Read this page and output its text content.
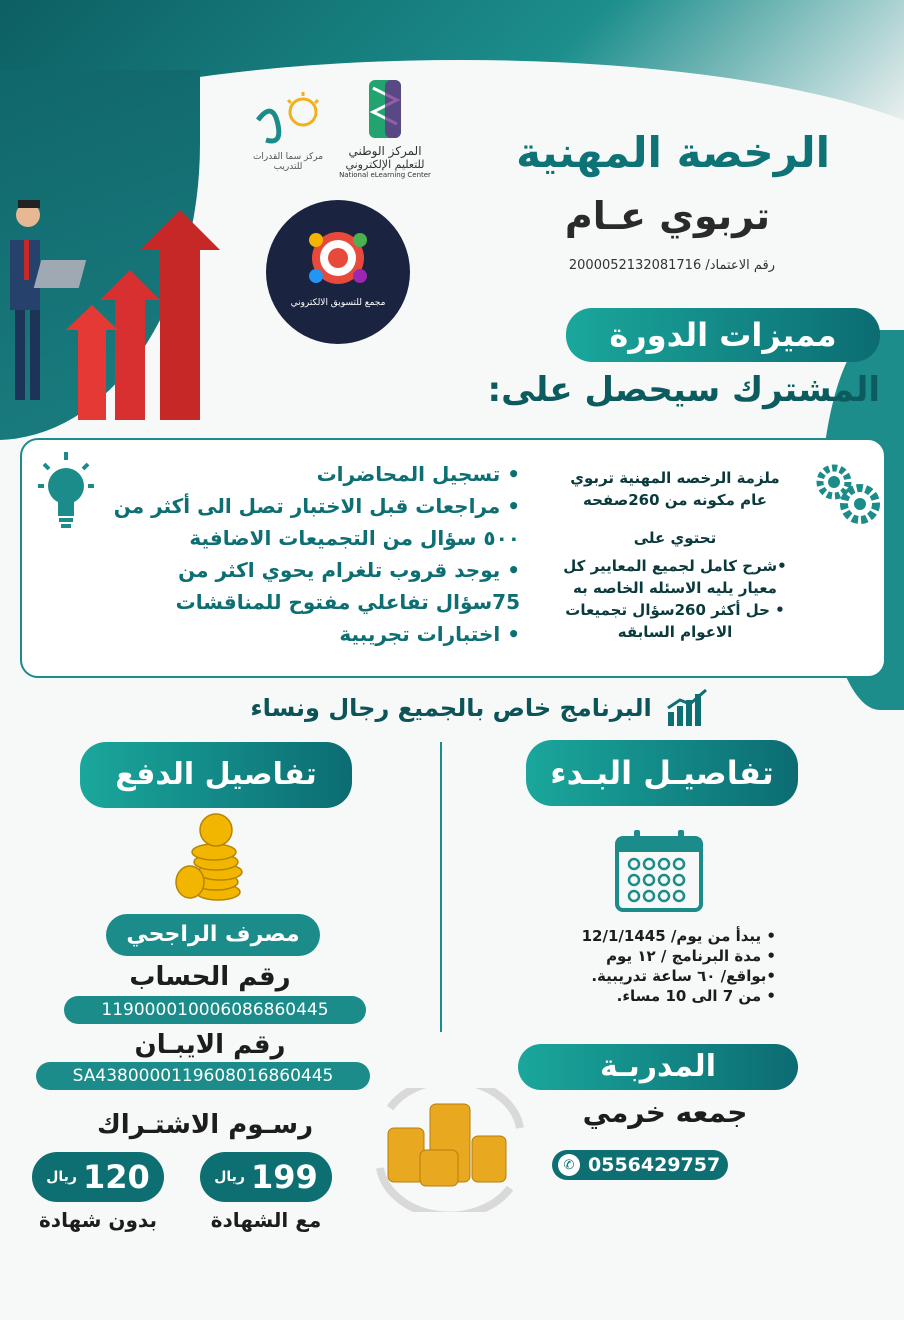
مركز سما القدرات للتدريب
المركز الوطني
للتعليم الإلكتروني
National eLearning Center
مجمع للتسويق الالكتروني
الرخصة المهنية
تربوي عـام
رقم الاعتماد/ 2000052132081716
مميزات الدورة
المشترك سيحصل على:
ملزمة الرخصه المهنية تربوي
عام مكونه من 260صفحه
تحتوي على
•شرح كامل لجميع المعايير كل معيار يليه الاسئله الخاصه به
• حل أكثر 260سؤال تجميعات الاعوام السابقه
• تسجيل المحاضرات
• مراجعات قبل الاختبار تصل الى أكثر من ٥٠٠ سؤال من التجميعات الاضافية
• يوجد قروب تلغرام يحوي اكثر من 75سؤال تفاعلي مفتوح للمناقشات
• اختبارات تجريبية
البرنامج خاص بالجميع رجال ونساء
تفاصيـل البـدء
• يبدأ من يوم/ 12/1/1445
• مدة البرنامج / ١٢ يوم
•بواقع/ ٦٠ ساعة تدريبية.
• من 7 الى 10 مساء.
المدربـة
جمعه خرمي
✆ 0556429757
تفاصيل الدفع
مصرف الراجحي
رقم الحساب
119000010006086860445
رقم الايبـان
SA4380000119608016860445
رسـوم الاشتـراك
ريال 199
مع الشهادة
ريال 120
بدون شهادة
